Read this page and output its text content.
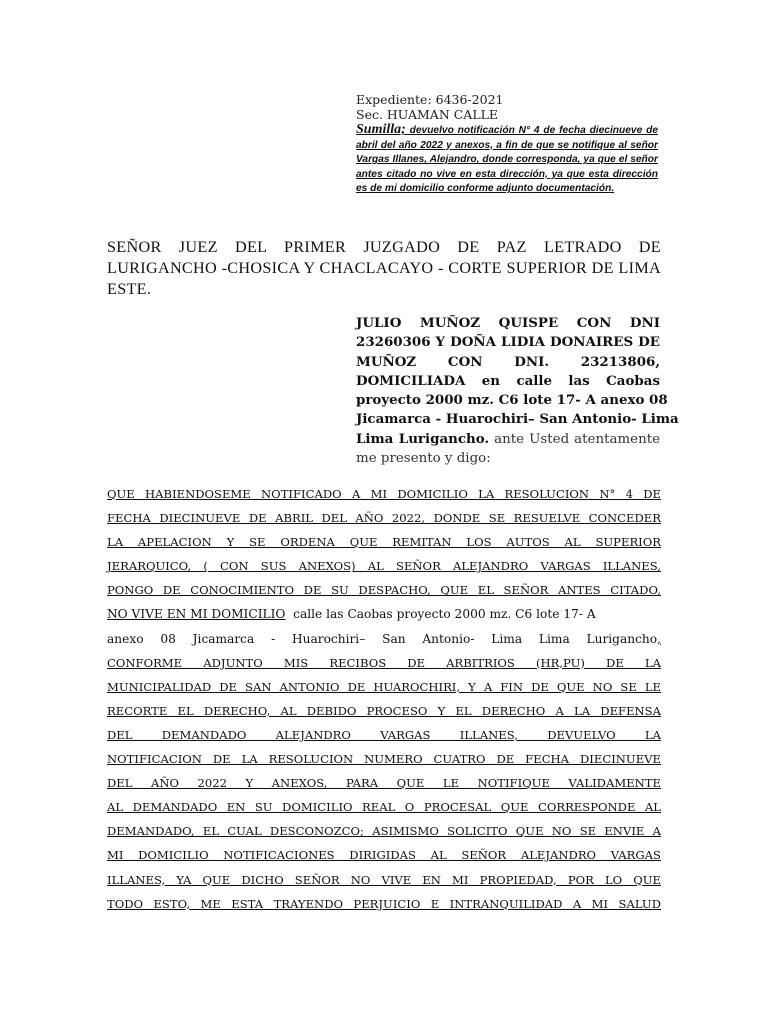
Expediente: 6436-2021
Sec. HUAMAN CALLE
Sumilla; devuelvo notificación N° 4 de fecha diecinueve de abril del año 2022 y anexos, a fin de que se notifique al señor Vargas Illanes, Alejandro, donde corresponda, ya que el señor antes citado no vive en esta dirección, ya que esta dirección es de mi domicilio conforme adjunto documentación.
SEÑOR JUEZ DEL PRIMER JUZGADO DE PAZ LETRADO DE
LURIGANCHO -CHOSICA Y CHACLACAYO - CORTE SUPERIOR DE LIMA
ESTE.
JULIO MUÑOZ QUISPE CON DNI
23260306 Y DOÑA LIDIA DONAIRES DE
MUÑOZ CON DNI. 23213806,
DOMICILIADA en calle las Caobas
proyecto 2000 mz. C6 lote 17- A anexo 08
Jicamarca - Huarochiri– San Antonio- Lima
Lima Lurigancho. ante Usted atentamente
me presento y digo:
QUE HABIENDOSEME NOTIFICADO A MI DOMICILIO LA RESOLUCION N° 4 DE
FECHA DIECINUEVE DE ABRIL DEL AÑO 2022, DONDE SE RESUELVE CONCEDER
LA APELACION Y SE ORDENA QUE REMITAN LOS AUTOS AL SUPERIOR
JERARQUICO, ( CON SUS ANEXOS) AL SEÑOR ALEJANDRO VARGAS ILLANES,
PONGO DE CONOCIMIENTO DE SU DESPACHO, QUE EL SEÑOR ANTES CITADO,
NO VIVE EN MI DOMICILIO calle las Caobas proyecto 2000 mz. C6 lote 17- A
anexo 08 Jicamarca - Huarochiri– San Antonio- Lima Lima Lurigancho,
CONFORME ADJUNTO MIS RECIBOS DE ARBITRIOS (HR,PU) DE LA
MUNICIPALIDAD DE SAN ANTONIO DE HUAROCHIRI, Y A FIN DE QUE NO SE LE
RECORTE EL DERECHO, AL DEBIDO PROCESO Y EL DERECHO A LA DEFENSA
DEL DEMANDADO ALEJANDRO VARGAS ILLANES, DEVUELVO LA
NOTIFICACION DE LA RESOLUCION NUMERO CUATRO DE FECHA DIECINUEVE
DEL AÑO 2022 Y ANEXOS, PARA QUE LE NOTIFIQUE VALIDAMENTE
AL DEMANDADO EN SU DOMICILIO REAL O PROCESAL QUE CORRESPONDE AL
DEMANDADO, EL CUAL DESCONOZCO; ASIMISMO SOLICITO QUE NO SE ENVIE A
MI DOMICILIO NOTIFICACIONES DIRIGIDAS AL SEÑOR ALEJANDRO VARGAS
ILLANES, YA QUE DICHO SEÑOR NO VIVE EN MI PROPIEDAD, POR LO QUE
TODO ESTO, ME ESTA TRAYENDO PERJUICIO E INTRANQUILIDAD A MI SALUD
